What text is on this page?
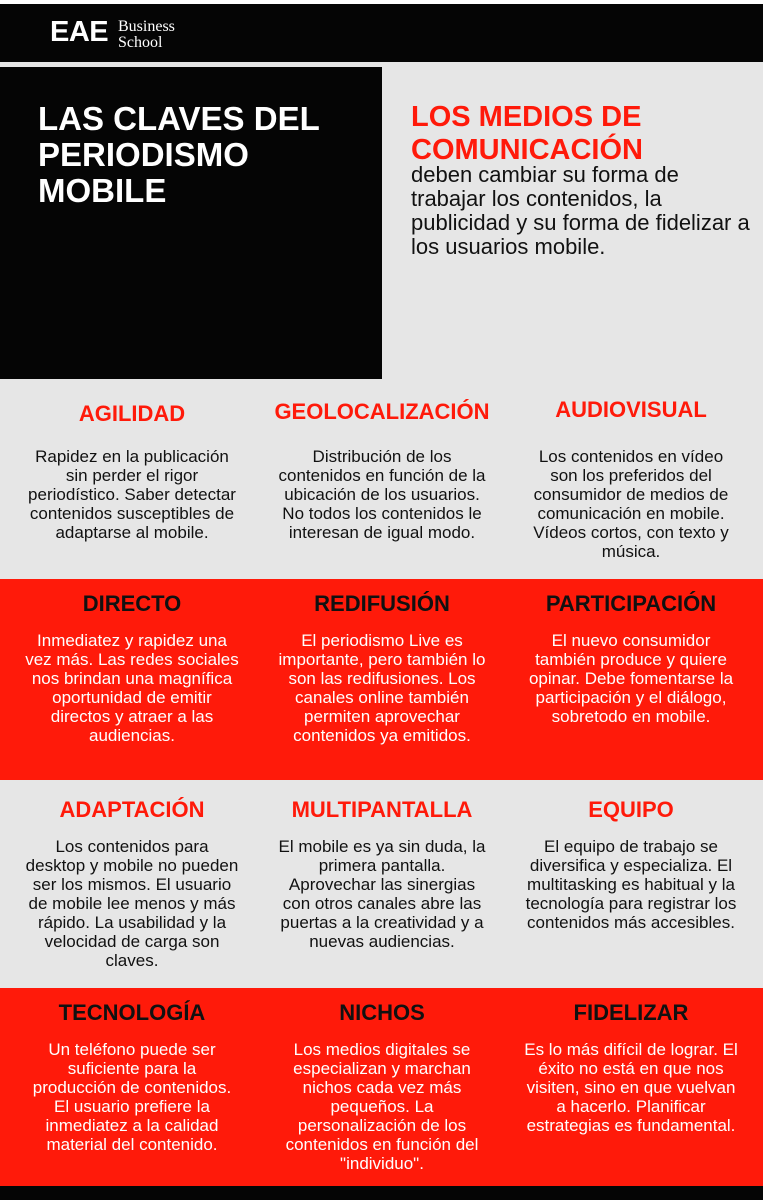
EAE Business
School
LAS CLAVES DEL PERIODISMO MOBILE
LOS MEDIOS DE COMUNICACIÓN
deben cambiar su forma de trabajar los contenidos, la publicidad y su forma de fidelizar a los usuarios mobile.
AGILIDAD
Rapidez en la publicación sin perder el rigor periodístico. Saber detectar contenidos susceptibles de adaptarse al mobile.
GEOLOCALIZACIÓN
Distribución de los contenidos en función de la ubicación de los usuarios. No todos los contenidos le interesan de igual modo.
AUDIOVISUAL
Los contenidos en vídeo son los preferidos del consumidor de medios de comunicación en mobile. Vídeos cortos, con texto y música.
DIRECTO
Inmediatez y rapidez una vez más. Las redes sociales nos brindan una magnífica oportunidad de emitir directos y atraer a las audiencias.
REDIFUSIÓN
El periodismo Live es importante, pero también lo son las redifusiones. Los canales online también permiten aprovechar contenidos ya emitidos.
PARTICIPACIÓN
El nuevo consumidor también produce y quiere opinar. Debe fomentarse la participación y el diálogo, sobretodo en mobile.
ADAPTACIÓN
Los contenidos para desktop y mobile no pueden ser los mismos. El usuario de mobile lee menos y más rápido. La usabilidad y la velocidad de carga son claves.
MULTIPANTALLA
El mobile es ya sin duda, la primera pantalla. Aprovechar las sinergias con otros canales abre las puertas a la creatividad y a nuevas audiencias.
EQUIPO
El equipo de trabajo se diversifica y especializa. El multitasking es habitual y la tecnología para registrar los contenidos más accesibles.
TECNOLOGÍA
Un teléfono puede ser suficiente para la producción de contenidos. El usuario prefiere la inmediatez a la calidad material del contenido.
NICHOS
Los medios digitales se especializan y marchan nichos cada vez más pequeños. La personalización de los contenidos en función del "individuo".
FIDELIZAR
Es lo más difícil de lograr. El éxito no está en que nos visiten, sino en que vuelvan a hacerlo. Planificar estrategias es fundamental.
